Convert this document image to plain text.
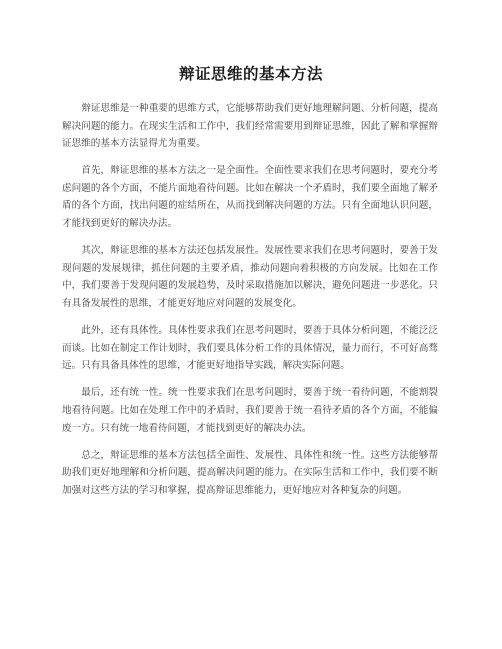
辩证思维的基本方法

辩证思维是一种重要的思维方式，它能够帮助我们更好地理解问题、分析问题，提高解决问题的能力。在现实生活和工作中，我们经常需要用到辩证思维，因此了解和掌握辩证思维的基本方法显得尤为重要。

首先，辩证思维的基本方法之一是全面性。全面性要求我们在思考问题时，要充分考虑问题的各个方面，不能片面地看待问题。比如在解决一个矛盾时，我们要全面地了解矛盾的各个方面，找出问题的症结所在，从而找到解决问题的方法。只有全面地认识问题，才能找到更好的解决办法。

其次，辩证思维的基本方法还包括发展性。发展性要求我们在思考问题时，要善于发现问题的发展规律，抓住问题的主要矛盾，推动问题向着积极的方向发展。比如在工作中，我们要善于发现问题的发展趋势，及时采取措施加以解决，避免问题进一步恶化。只有具备发展性的思维，才能更好地应对问题的发展变化。

此外，还有具体性。具体性要求我们在思考问题时，要善于具体分析问题，不能泛泛而谈。比如在制定工作计划时，我们要具体分析工作的具体情况，量力而行，不可好高骛远。只有具备具体性的思维，才能更好地指导实践，解决实际问题。

最后，还有统一性。统一性要求我们在思考问题时，要善于统一看待问题，不能割裂地看待问题。比如在处理工作中的矛盾时，我们要善于统一看待矛盾的各个方面，不能偏废一方。只有统一地看待问题，才能找到更好的解决办法。

总之，辩证思维的基本方法包括全面性、发展性、具体性和统一性。这些方法能够帮助我们更好地理解和分析问题，提高解决问题的能力。在实际生活和工作中，我们要不断加强对这些方法的学习和掌握，提高辩证思维能力，更好地应对各种复杂的问题。
